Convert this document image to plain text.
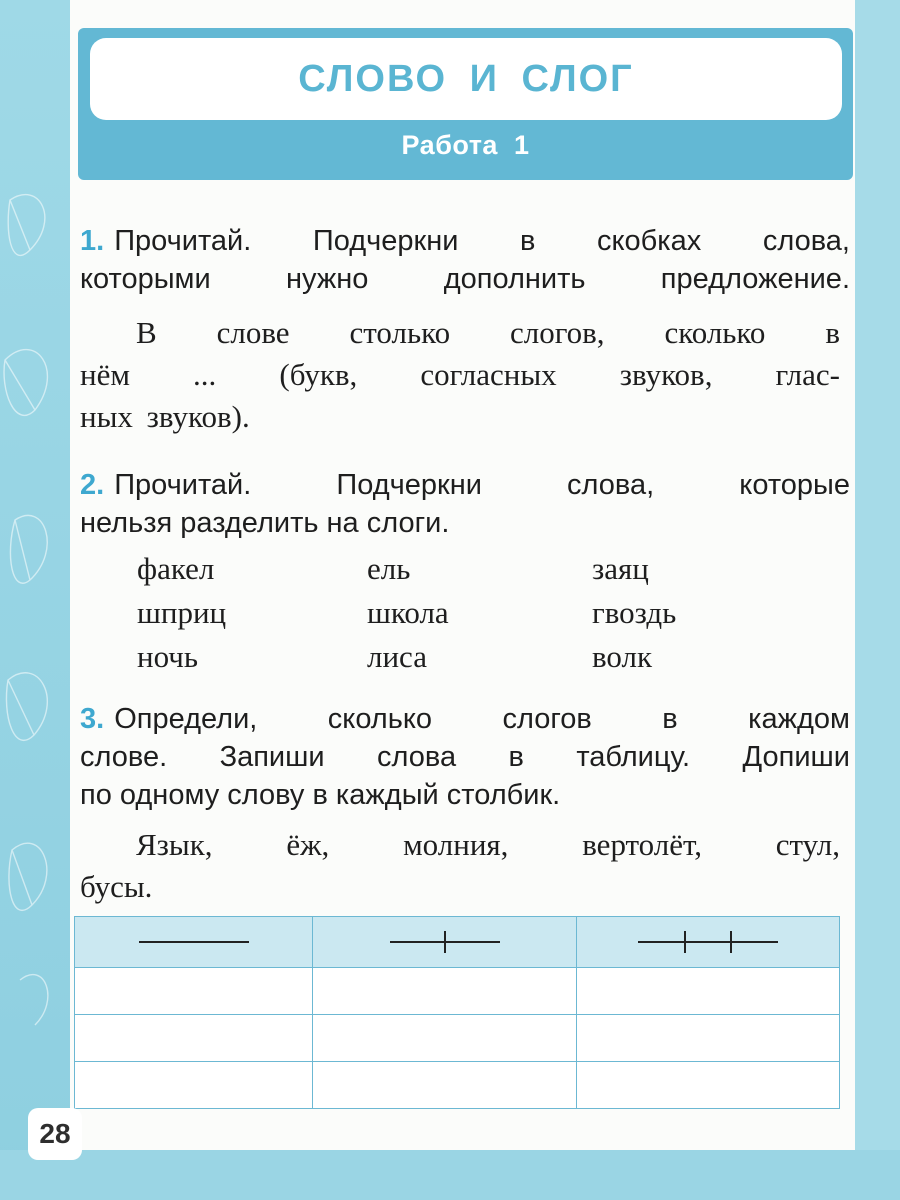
СЛОВО И СЛОГ
Работа 1
1. Прочитай. Подчеркни в скобках слова,
которыми нужно дополнить предложение.
В слове столько слогов, сколько в
нём ... (букв, согласных звуков, глас-
ных звуков).
2. Прочитай. Подчеркни слова, которые
нельзя разделить на слоги.
факел	ель	заяц
шприц	школа	гвоздь
ночь	лиса	волк
3. Определи, сколько слогов в каждом
слове. Запиши слова в таблицу. Допиши
по одному слову в каждый столбик.
Язык, ёж, молния, вертолёт, стул,
бусы.

28
